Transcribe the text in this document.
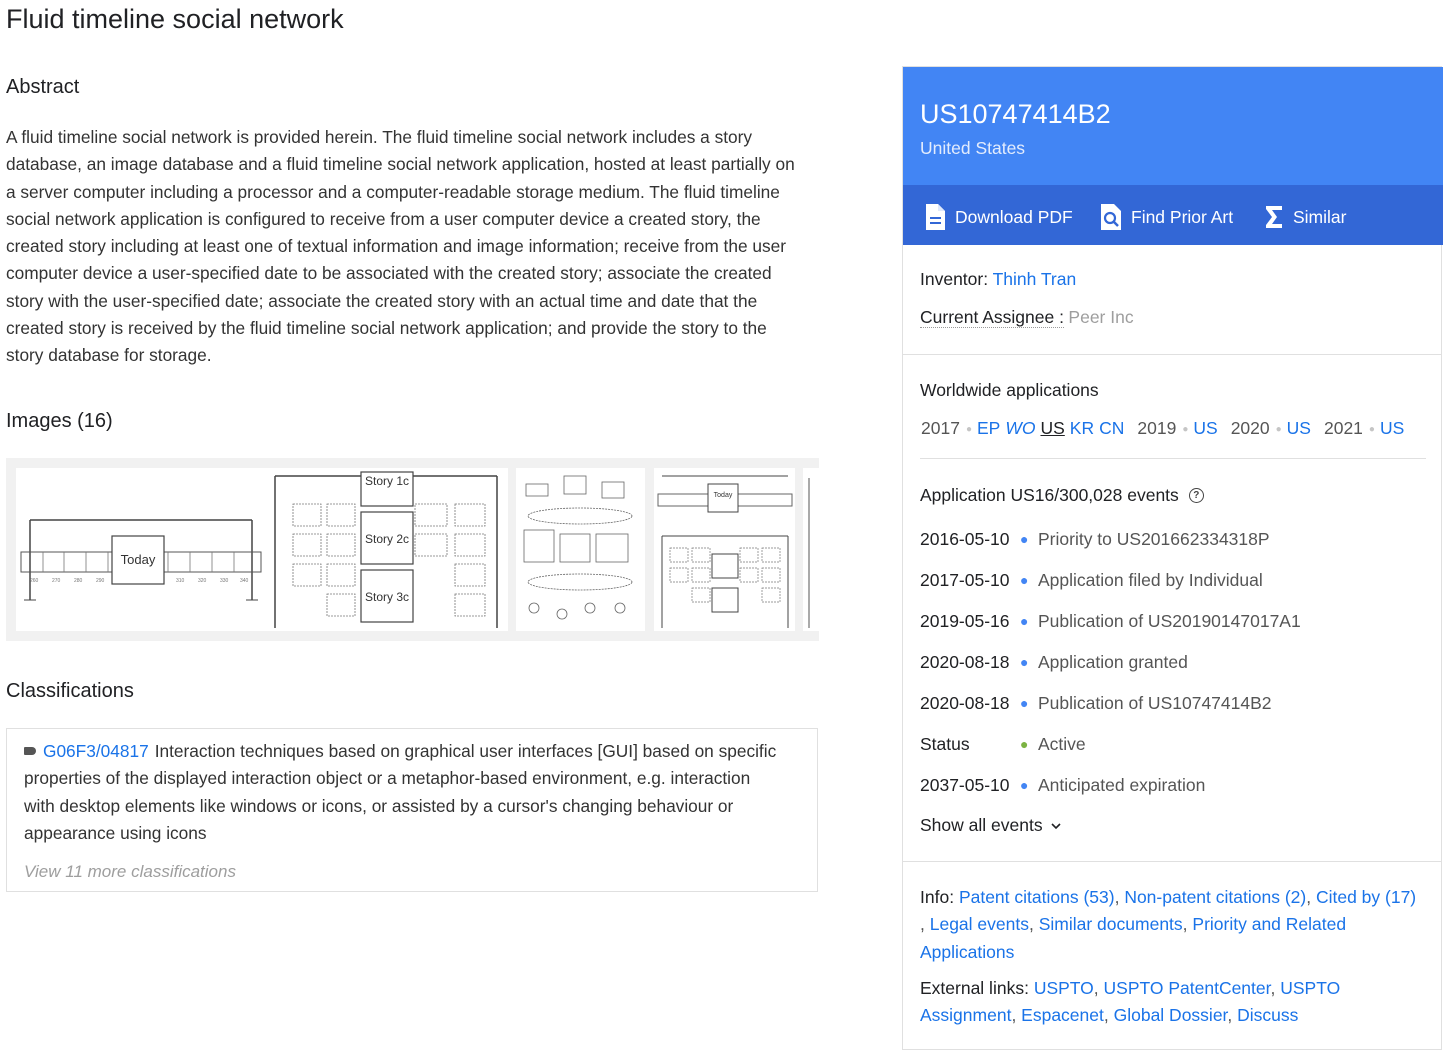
Fluid timeline social network
Abstract

A fluid timeline social network is provided herein. The fluid timeline social network includes a story database, an image database and a fluid timeline social network application, hosted at least partially on a server computer including a processor and a computer-readable storage medium. The fluid timeline social network application is configured to receive from a user computer device a created story, the created story including at least one of textual information and image information; receive from the user computer device a user-specified date to be associated with the created story; associate the created story with the user-specified date; associate the created story with an actual time and date that the created story is received by the fluid timeline social network application; and provide the story to the story database for storage.

Images (16)
Today
260	270	280	290	310	320	330 340
Story 1c
Story 2c
Story 3c
Today
Classifications
G06F3/04817 Interaction techniques based on graphical user interfaces [GUI] based on specific properties of the displayed interaction object or a metaphor-based environment, e.g. interaction with desktop elements like windows or icons, or assisted by a cursor's changing behaviour or appearance using icons
View 11 more classifications
US10747414B2
United States
Download PDF	Find Prior Art	Similar
Inventor: Thinh Tran
Current Assignee : Peer Inc
Worldwide applications
2017 ● EP WO US KR CN 2019 ● US 2020 ● US 2021 ● US
Application US16/300,028 events	?
2016-05-10 ● Priority to US201662334318P
2017-05-10 ● Application filed by Individual
2019-05-16 ● Publication of US20190147017A1
2020-08-18 ● Application granted
2020-08-18 ● Publication of US10747414B2
Status	● Active
2037-05-10 ● Anticipated expiration
Show all events
Info: Patent citations (53), Non-patent citations (2), Cited by (17)
, Legal events, Similar documents, Priority and Related Applications
External links: USPTO, USPTO PatentCenter, USPTO Assignment, Espacenet, Global Dossier, Discuss
